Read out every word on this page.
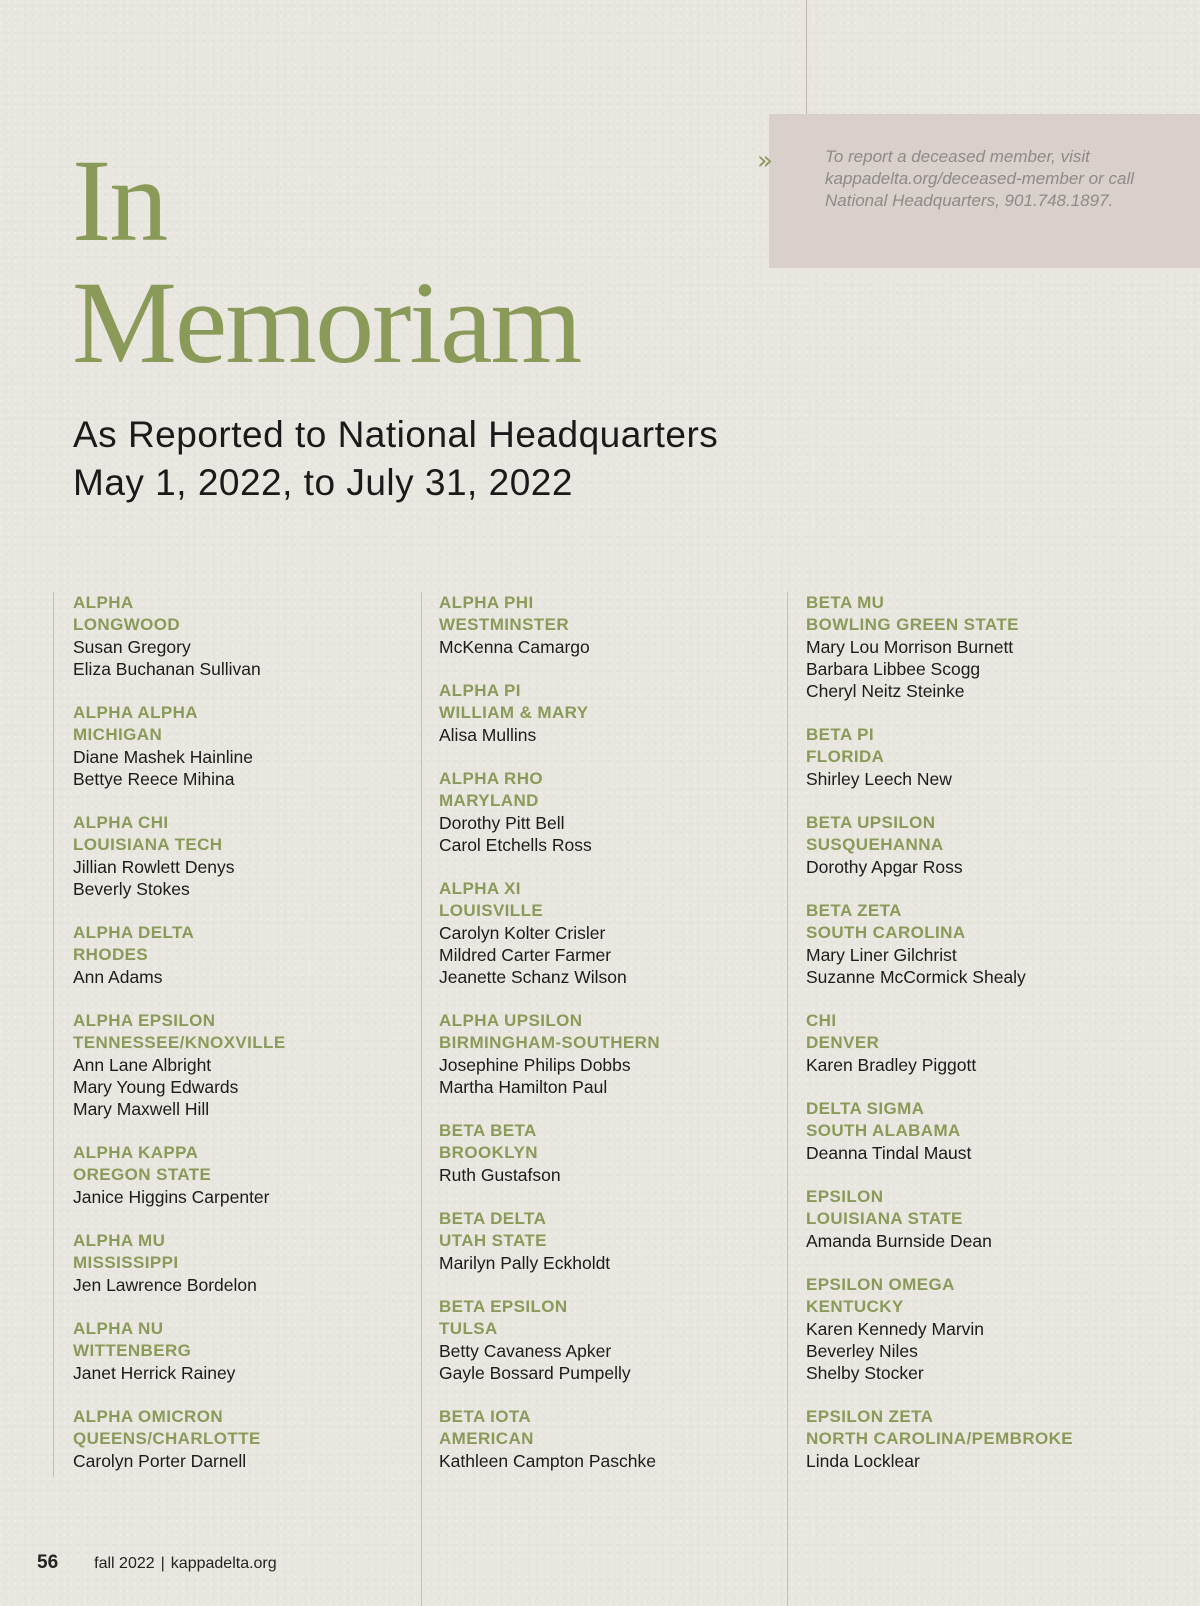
»	To report a deceased member, visit kappadelta.org/deceased-member or call National Headquarters, 901.748.1897.
In
Memoriam
As Reported to National Headquarters
May 1, 2022, to July 31, 2022
ALPHA
LONGWOOD
Susan Gregory
Eliza Buchanan Sullivan
ALPHA ALPHA
MICHIGAN
Diane Mashek Hainline
Bettye Reece Mihina
ALPHA CHI
LOUISIANA TECH
Jillian Rowlett Denys
Beverly Stokes
ALPHA DELTA
RHODES
Ann Adams
ALPHA EPSILON
TENNESSEE/KNOXVILLE
Ann Lane Albright
Mary Young Edwards
Mary Maxwell Hill
ALPHA KAPPA
OREGON STATE
Janice Higgins Carpenter
ALPHA MU
MISSISSIPPI
Jen Lawrence Bordelon
ALPHA NU
WITTENBERG
Janet Herrick Rainey
ALPHA OMICRON
QUEENS/CHARLOTTE
Carolyn Porter Darnell
ALPHA PHI
WESTMINSTER
McKenna Camargo
ALPHA PI
WILLIAM & MARY
Alisa Mullins
ALPHA RHO
MARYLAND
Dorothy Pitt Bell
Carol Etchells Ross
ALPHA XI
LOUISVILLE
Carolyn Kolter Crisler
Mildred Carter Farmer
Jeanette Schanz Wilson
ALPHA UPSILON
BIRMINGHAM-SOUTHERN
Josephine Philips Dobbs
Martha Hamilton Paul
BETA BETA
BROOKLYN
Ruth Gustafson
BETA DELTA
UTAH STATE
Marilyn Pally Eckholdt
BETA EPSILON
TULSA
Betty Cavaness Apker
Gayle Bossard Pumpelly
BETA IOTA
AMERICAN
Kathleen Campton Paschke
BETA MU
BOWLING GREEN STATE
Mary Lou Morrison Burnett
Barbara Libbee Scogg
Cheryl Neitz Steinke
BETA PI
FLORIDA
Shirley Leech New
BETA UPSILON
SUSQUEHANNA
Dorothy Apgar Ross
BETA ZETA
SOUTH CAROLINA
Mary Liner Gilchrist
Suzanne McCormick Shealy
CHI
DENVER
Karen Bradley Piggott
DELTA SIGMA
SOUTH ALABAMA
Deanna Tindal Maust
EPSILON
LOUISIANA STATE
Amanda Burnside Dean
EPSILON OMEGA
KENTUCKY
Karen Kennedy Marvin
Beverley Niles
Shelby Stocker
EPSILON ZETA
NORTH CAROLINA/PEMBROKE
Linda Locklear
56 fall 2022 | kappadelta.org
